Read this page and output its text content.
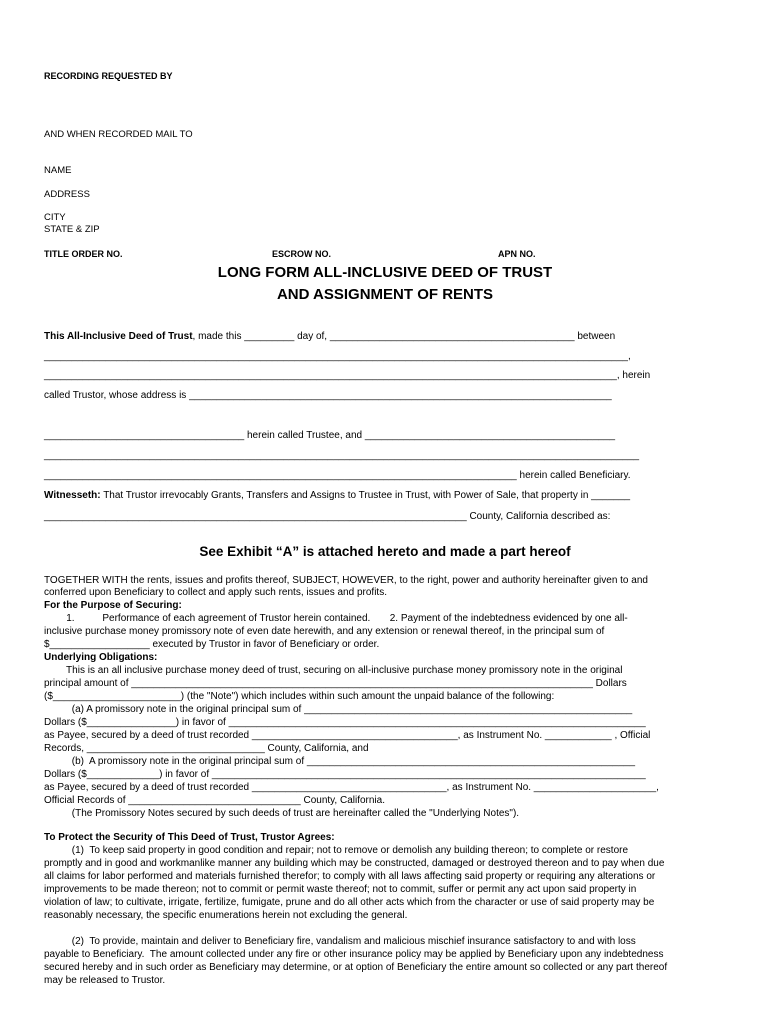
RECORDING REQUESTED BY
AND WHEN RECORDED MAIL TO
NAME
ADDRESS
CITY
STATE & ZIP
TITLE ORDER NO.	ESCROW NO.	APN NO.
LONG FORM ALL-INCLUSIVE DEED OF TRUST
AND ASSIGNMENT OF RENTS
This All-Inclusive Deed of Trust, made this _________ day of, ____________________________________________ between
_________________________________________________________________________________________________________,
_______________________________________________________________________________________________________, herein
called Trustor, whose address is ____________________________________________________________________________
____________________________________ herein called Trustee, and _____________________________________________
___________________________________________________________________________________________________________
_____________________________________________________________________________________ herein called Beneficiary.
Witnesseth: That Trustor irrevocably Grants, Transfers and Assigns to Trustee in Trust, with Power of Sale, that property in _______
____________________________________________________________________________ County, California described as:
See Exhibit “A” is attached hereto and made a part hereof
TOGETHER WITH the rents, issues and profits thereof, SUBJECT, HOWEVER, to the right, power and authority hereinafter given to and
conferred upon Beneficiary to collect and apply such rents, issues and profits.
For the Purpose of Securing:
1.          Performance of each agreement of Trustor herein contained.       2. Payment of the indebtedness evidenced by one all-
inclusive purchase money promissory note of even date herewith, and any extension or renewal thereof, in the principal sum of
$__________________ executed by Trustor in favor of Beneficiary or order.
Underlying Obligations:
This is an all inclusive purchase money deed of trust, securing on all-inclusive purchase money promissory note in the original
principal amount of ___________________________________________________________________________________ Dollars
($_______________________) (the "Note") which includes within such amount the unpaid balance of the following:
(a) A promissory note in the original principal sum of ___________________________________________________________
Dollars ($________________) in favor of ___________________________________________________________________________
as Payee, secured by a deed of trust recorded _____________________________________, as Instrument No. ____________ , Official
Records, ________________________________ County, California, and
(b)  A promissory note in the original principal sum of ___________________________________________________________
Dollars ($_____________) in favor of ______________________________________________________________________________
as Payee, secured by a deed of trust recorded ___________________________________, as Instrument No. ______________________,
Official Records of _______________________________ County, California.
(The Promissory Notes secured by such deeds of trust are hereinafter called the "Underlying Notes").
To Protect the Security of This Deed of Trust, Trustor Agrees:
(1)  To keep said property in good condition and repair; not to remove or demolish any building thereon; to complete or restore
promptly and in good and workmanlike manner any building which may be constructed, damaged or destroyed thereon and to pay when due
all claims for labor performed and materials furnished therefor; to comply with all laws affecting said property or requiring any alterations or
improvements to be made thereon; not to commit or permit waste thereof; not to commit, suffer or permit any act upon said property in
violation of law; to cultivate, irrigate, fertilize, fumigate, prune and do all other acts which from the character or use of said property may be
reasonably necessary, the specific enumerations herein not excluding the general.
(2)  To provide, maintain and deliver to Beneficiary fire, vandalism and malicious mischief insurance satisfactory to and with loss
payable to Beneficiary.  The amount collected under any fire or other insurance policy may be applied by Beneficiary upon any indebtedness
secured hereby and in such order as Beneficiary may determine, or at option of Beneficiary the entire amount so collected or any part thereof
may be released to Trustor.
